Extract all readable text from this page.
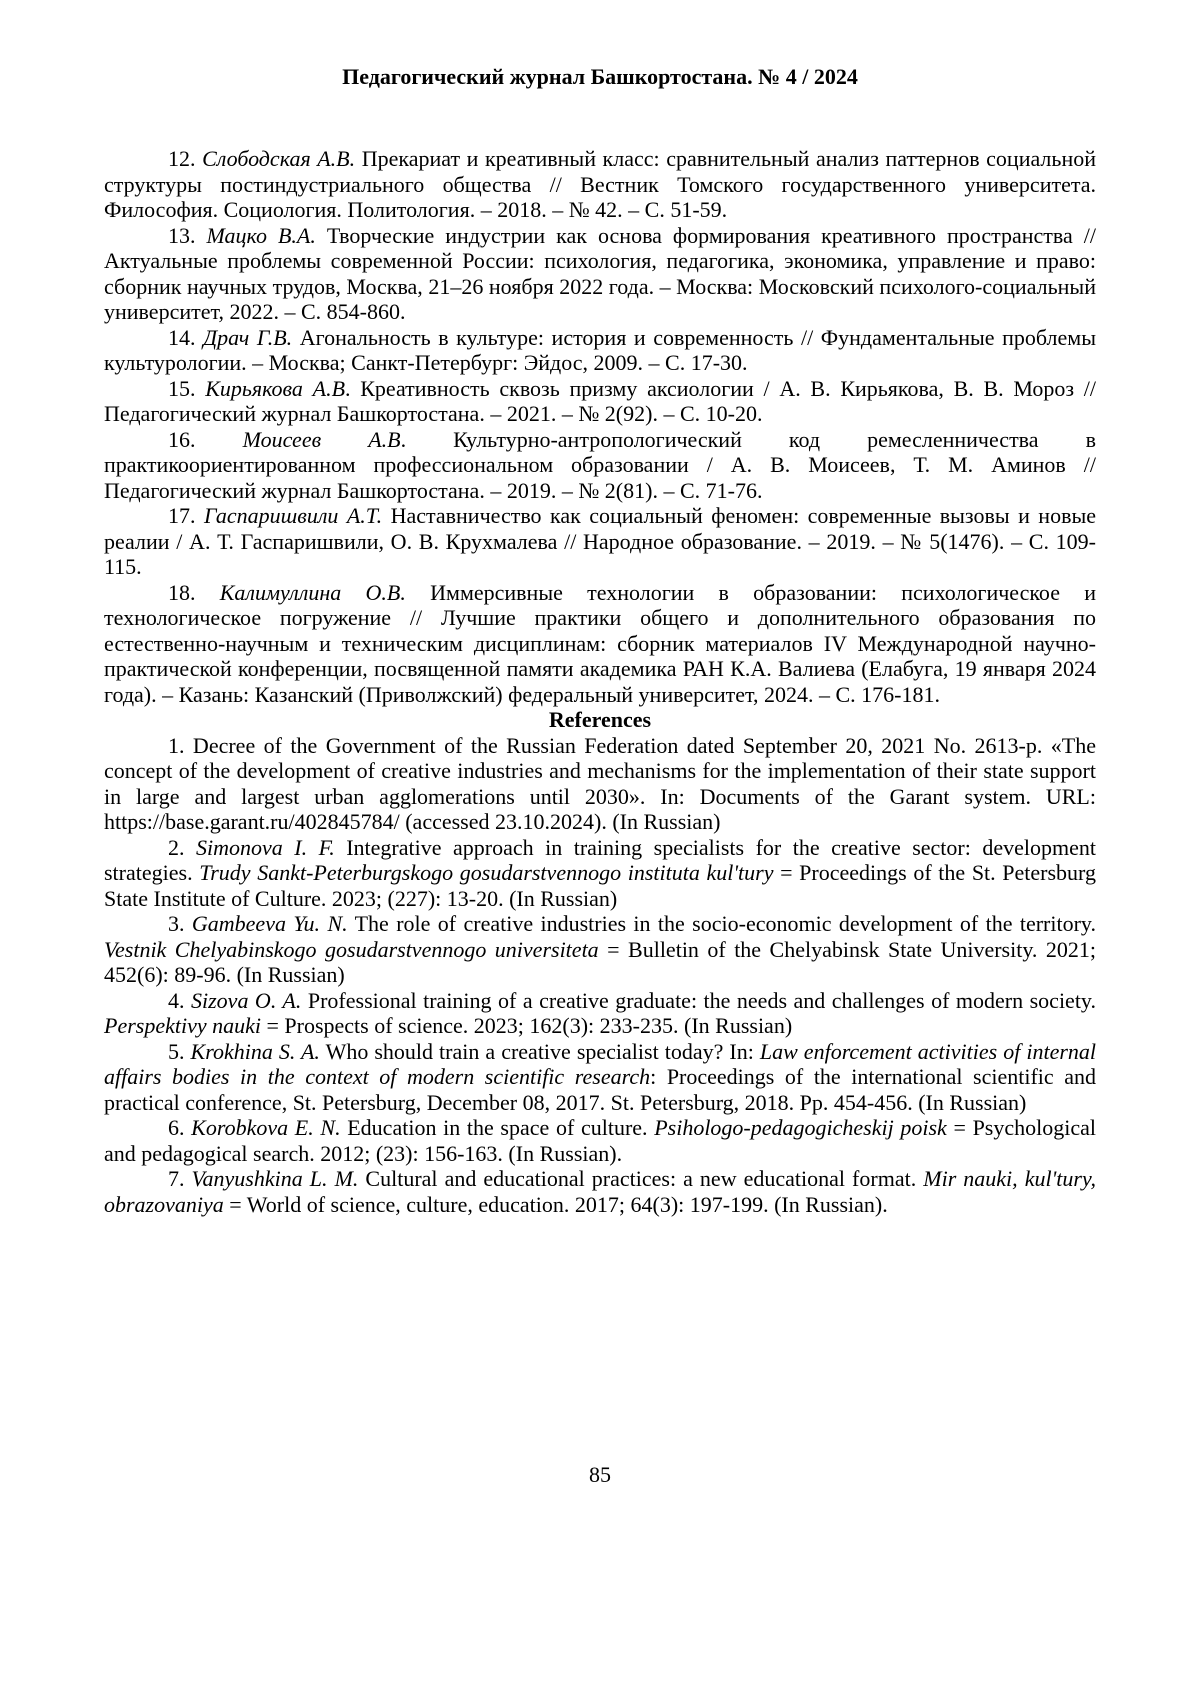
Педагогический журнал Башкортостана. № 4 / 2024

12. Слободская А.В. Прекариат и креативный класс: сравнительный анализ паттернов социальной структуры постиндустриального общества // Вестник Томского государственного университета. Философия. Социология. Политология. – 2018. – № 42. – С. 51-59.

13. Мацко В.А. Творческие индустрии как основа формирования креативного пространства // Актуальные проблемы современной России: психология, педагогика, экономика, управление и право: сборник научных трудов, Москва, 21–26 ноября 2022 года. – Москва: Московский психолого-социальный университет, 2022. – С. 854-860.

14. Драч Г.В. Агональность в культуре: история и современность // Фундаментальные проблемы культурологии. – Москва; Санкт-Петербург: Эйдос, 2009. – С. 17-30.

15. Кирьякова А.В. Креативность сквозь призму аксиологии / А. В. Кирьякова, В. В. Мороз // Педагогический журнал Башкортостана. – 2021. – № 2(92). – С. 10-20.

16. Моисеев А.В. Культурно-антропологический код ремесленничества в практикоориентированном профессиональном образовании / А. В. Моисеев, Т. М. Аминов // Педагогический журнал Башкортостана. – 2019. – № 2(81). – С. 71-76.

17. Гаспаришвили А.Т. Наставничество как социальный феномен: современные вызовы и новые реалии / А. Т. Гаспаришвили, О. В. Крухмалева // Народное образование. – 2019. – № 5(1476). – С. 109-115.

18. Калимуллина О.В. Иммерсивные технологии в образовании: психологическое и технологическое погружение // Лучшие практики общего и дополнительного образования по естественно-научным и техническим дисциплинам: сборник материалов IV Международной научно-практической конференции, посвященной памяти академика РАН К.А. Валиева (Елабуга, 19 января 2024 года). – Казань: Казанский (Приволжский) федеральный университет, 2024. – С. 176-181.

References

1. Decree of the Government of the Russian Federation dated September 20, 2021 No. 2613-р. «The concept of the development of creative industries and mechanisms for the implementation of their state support in large and largest urban agglomerations until 2030». In: Documents of the Garant system. URL: https://base.garant.ru/402845784/ (accessed 23.10.2024). (In Russian)

2. Simonova I. F. Integrative approach in training specialists for the creative sector: development strategies. Trudy Sankt-Peterburgskogo gosudarstvennogo instituta kul'tury = Proceedings of the St. Petersburg State Institute of Culture. 2023; (227): 13-20. (In Russian)

3. Gambeeva Yu. N. The role of creative industries in the socio-economic development of the territory. Vestnik Chelyabinskogo gosudarstvennogo universiteta = Bulletin of the Chelyabinsk State University. 2021; 452(6): 89-96. (In Russian)

4. Sizova O. A. Professional training of a creative graduate: the needs and challenges of modern society. Perspektivy nauki = Prospects of science. 2023; 162(3): 233-235. (In Russian)

5. Krokhina S. A. Who should train a creative specialist today? In: Law enforcement activities of internal affairs bodies in the context of modern scientific research: Proceedings of the international scientific and practical conference, St. Petersburg, December 08, 2017. St. Petersburg, 2018. Pp. 454-456. (In Russian)

6. Korobkova E. N. Education in the space of culture. Psihologo-pedagogicheskij poisk = Psychological and pedagogical search. 2012; (23): 156-163. (In Russian).

7. Vanyushkina L. M. Cultural and educational practices: a new educational format. Mir nauki, kul'tury, obrazovaniya = World of science, culture, education. 2017; 64(3): 197-199. (In Russian).

85
